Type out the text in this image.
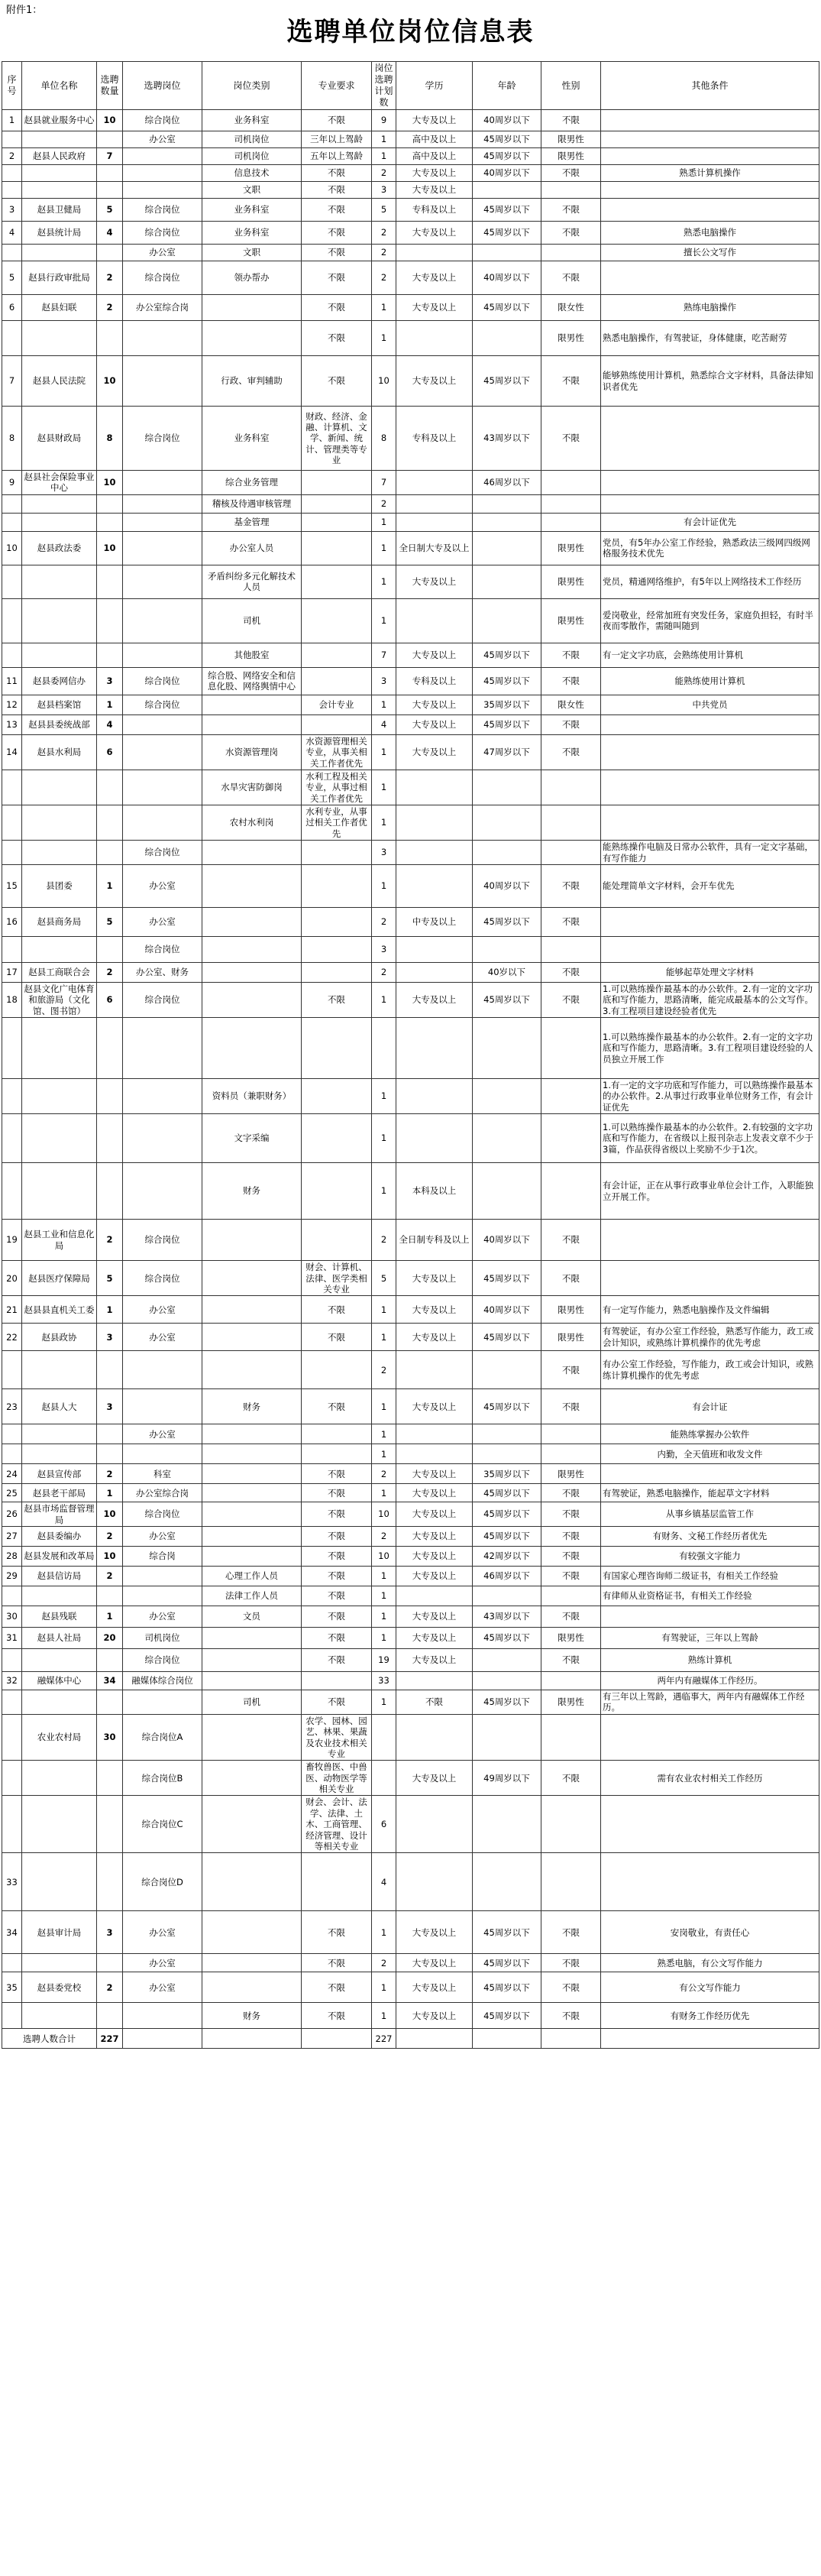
附件1：
选聘单位岗位信息表
序号	单位名称	选聘数量	选聘岗位	岗位类别	专业要求	岗位选聘计划数	学历	年龄	性别	其他条件
1	赵县就业服务中心	10	综合岗位	业务科室	不限	9	大专及以上	40周岁以下	不限	
			办公室	司机岗位	三年以上驾龄	1	高中及以上	45周岁以下	限男性	
2	赵县人民政府	7		司机岗位	五年以上驾龄	1	高中及以上	45周岁以下	限男性	
				信息技术	不限	2	大专及以上	40周岁以下	不限	熟悉计算机操作
				文职	不限	3	大专及以上			
3	赵县卫健局	5	综合岗位	业务科室	不限	5	专科及以上	45周岁以下	不限	
4	赵县统计局	4	综合岗位	业务科室	不限	2	大专及以上	45周岁以下	不限	熟悉电脑操作
			办公室	文职	不限	2				擅长公文写作
5	赵县行政审批局	2	综合岗位	领办帮办	不限	2	大专及以上	40周岁以下	不限	
6	赵县妇联	2	办公室综合岗		不限	1	大专及以上	45周岁以下	限女性	熟练电脑操作
					不限	1			限男性	熟悉电脑操作，有驾驶证，身体健康，吃苦耐劳
7	赵县人民法院	10		行政、审判辅助	不限	10	大专及以上	45周岁以下	不限	能够熟练使用计算机，熟悉综合文字材料，具备法律知识者优先
8	赵县财政局	8	综合岗位	业务科室	财政、经济、金融、计算机、文学、新闻、统计、管理类等专业	8	专科及以上	43周岁以下	不限	
9	赵县社会保险事业中心	10		综合业务管理		7		46周岁以下		
				稽核及待遇审核管理		2				
				基金管理		1				有会计证优先
10	赵县政法委	10		办公室人员		1	全日制大专及以上		限男性	党员，有5年办公室工作经验，熟悉政法三级网四级网格服务技术优先
				矛盾纠纷多元化解技术人员		1	大专及以上		限男性	党员，精通网络维护，有5年以上网络技术工作经历
				司机		1			限男性	爱岗敬业，经常加班有突发任务，家庭负担轻，有时半夜而零散作，需随叫随到
				其他股室		7	大专及以上	45周岁以下	不限	有一定文字功底，会熟练使用计算机
11	赵县委网信办	3	综合岗位	综合股、网络安全和信息化股、网络舆情中心		3	专科及以上	45周岁以下	不限	能熟练使用计算机
12	赵县档案馆	1	综合岗位		会计专业	1	大专及以上	35周岁以下	限女性	中共党员
13	赵县县委统战部	4				4	大专及以上	45周岁以下	不限	
14	赵县水利局	6		水资源管理岗	水资源管理相关专业，从事关相关工作者优先	1	大专及以上	47周岁以下	不限	
				水旱灾害防御岗	水利工程及相关专业，从事过相关工作者优先	1				
				农村水利岗	水利专业，从事过相关工作者优先	1				
			综合岗位			3				能熟练操作电脑及日常办公软件，具有一定文字基础，有写作能力
15	县团委	1	办公室			1		40周岁以下	不限	能处理简单文字材料，会开车优先
16	赵县商务局	5	办公室			2	中专及以上	45周岁以下	不限	
			综合岗位			3				
17	赵县工商联合会	2	办公室、财务			2		40岁以下	不限	能够起草处理文字材料
18	赵县文化广电体育和旅游局（文化馆、图书馆）	6	综合岗位		不限	1	大专及以上	45周岁以下	不限	1.可以熟练操作最基本的办公软件。2.有一定的文字功底和写作能力，思路清晰，能完成最基本的公文写作。3.有工程项目建设经验者优先
										1.可以熟练操作最基本的办公软件。2.有一定的文字功底和写作能力，思路清晰。3.有工程项目建设经验的人员独立开展工作
				资料员（兼职财务）		1				1.有一定的文字功底和写作能力，可以熟练操作最基本的办公软件。2.从事过行政事业单位财务工作，有会计证优先
				文字采编		1				1.可以熟练操作最基本的办公软件。2.有较强的文字功底和写作能力，在省级以上报刊杂志上发表文章不少于3篇，作品获得省级以上奖励不少于1次。
				财务		1	本科及以上			有会计证，正在从事行政事业单位会计工作，入职能独立开展工作。
19	赵县工业和信息化局	2	综合岗位			2	全日制专科及以上	40周岁以下	不限	
20	赵县医疗保障局	5	综合岗位		财会、计算机、法律、医学类相关专业	5	大专及以上	45周岁以下	不限	
21	赵县县直机关工委	1	办公室		不限	1	大专及以上	40周岁以下	限男性	有一定写作能力，熟悉电脑操作及文件编辑
22	赵县政协	3	办公室		不限	1	大专及以上	45周岁以下	限男性	有驾驶证，有办公室工作经验，熟悉写作能力，政工或会计知识，或熟练计算机操作的优先考虑
						2			不限	有办公室工作经验，写作能力，政工或会计知识，或熟练计算机操作的优先考虑
23	赵县人大	3		财务	不限	1	大专及以上	45周岁以下	不限	有会计证
			办公室			1				能熟练掌握办公软件
						1				内勤，全天值班和收发文件
24	赵县宣传部	2	科室		不限	2	大专及以上	35周岁以下	限男性	
25	赵县老干部局	1	办公室综合岗		不限	1	大专及以上	45周岁以下	不限	有驾驶证，熟悉电脑操作，能起草文字材料
26	赵县市场监督管理局	10	综合岗位		不限	10	大专及以上	45周岁以下	不限	从事乡镇基层监管工作
27	赵县委编办	2	办公室		不限	2	大专及以上	45周岁以下	不限	有财务、文秘工作经历者优先
28	赵县发展和改革局	10	综合岗		不限	10	大专及以上	42周岁以下	不限	有较强文字能力
29	赵县信访局	2		心理工作人员	不限	1	大专及以上	46周岁以下	不限	有国家心理咨询师二级证书，有相关工作经验
				法律工作人员	不限	1				有律师从业资格证书，有相关工作经验
30	赵县残联	1	办公室	文员	不限	1	大专及以上	43周岁以下	不限	
31	赵县人社局	20	司机岗位		不限	1	大专及以上	45周岁以下	限男性	有驾驶证，三年以上驾龄
			综合岗位		不限	19	大专及以上		不限	熟练计算机
32	融媒体中心	34	融媒体综合岗位			33				两年内有融媒体工作经历。
				司机	不限	1	不限	45周岁以下	限男性	有三年以上驾龄，遇临事大，两年内有融媒体工作经历。
	农业农村局	30	综合岗位A		农学、园林、园艺、林果、果蔬及农业技术相关专业					
			综合岗位B		畜牧兽医、中兽医、动物医学等相关专业		大专及以上	49周岁以下	不限	需有农业农村相关工作经历
			综合岗位C		财会、会计、法学、法律、土木、工商管理、经济管理、设计等相关专业	6				
33			综合岗位D			4				
34	赵县审计局	3	办公室		不限	1	大专及以上	45周岁以下	不限	安岗敬业，有责任心
			办公室		不限	2	大专及以上	45周岁以下	不限	熟悉电脑，有公文写作能力
35	赵县委党校	2	办公室		不限	1	大专及以上	45周岁以下	不限	有公文写作能力
				财务	不限	1	大专及以上	45周岁以下	不限	有财务工作经历优先
选聘人数合计		227				227				
